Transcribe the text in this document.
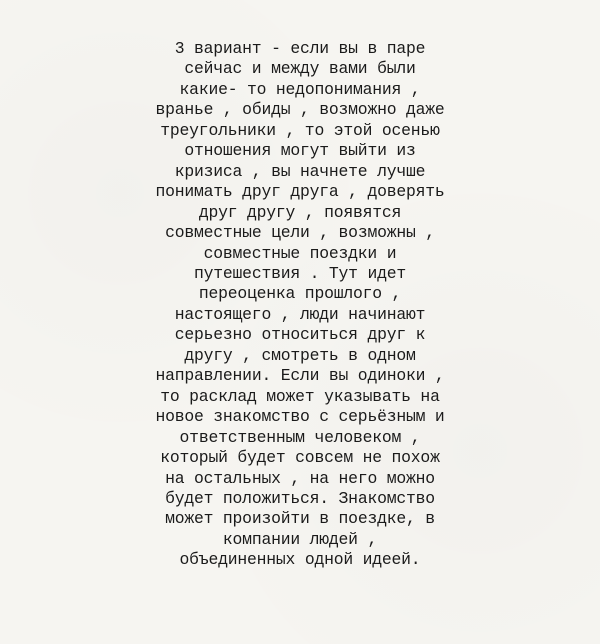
3 вариант - если вы в паре
сейчас и между вами были
какие- то недопонимания ,
вранье , обиды , возможно даже
треугольники , то этой осенью
отношения могут выйти из
кризиса , вы начнете лучше
понимать друг друга , доверять
друг другу , появятся
совместные цели , возможны ,
совместные поездки и
путешествия . Тут идет
переоценка прошлого ,
настоящего , люди начинают
серьезно относиться друг к
другу , смотреть в одном
направлении. Если вы одиноки ,
то расклад может указывать на
новое знакомство с серьёзным и
ответственным человеком ,
который будет совсем не похож
на остальных , на него можно
будет положиться. Знакомство
может произойти в поездке, в
компании людей ,
объединенных одной идеей.
